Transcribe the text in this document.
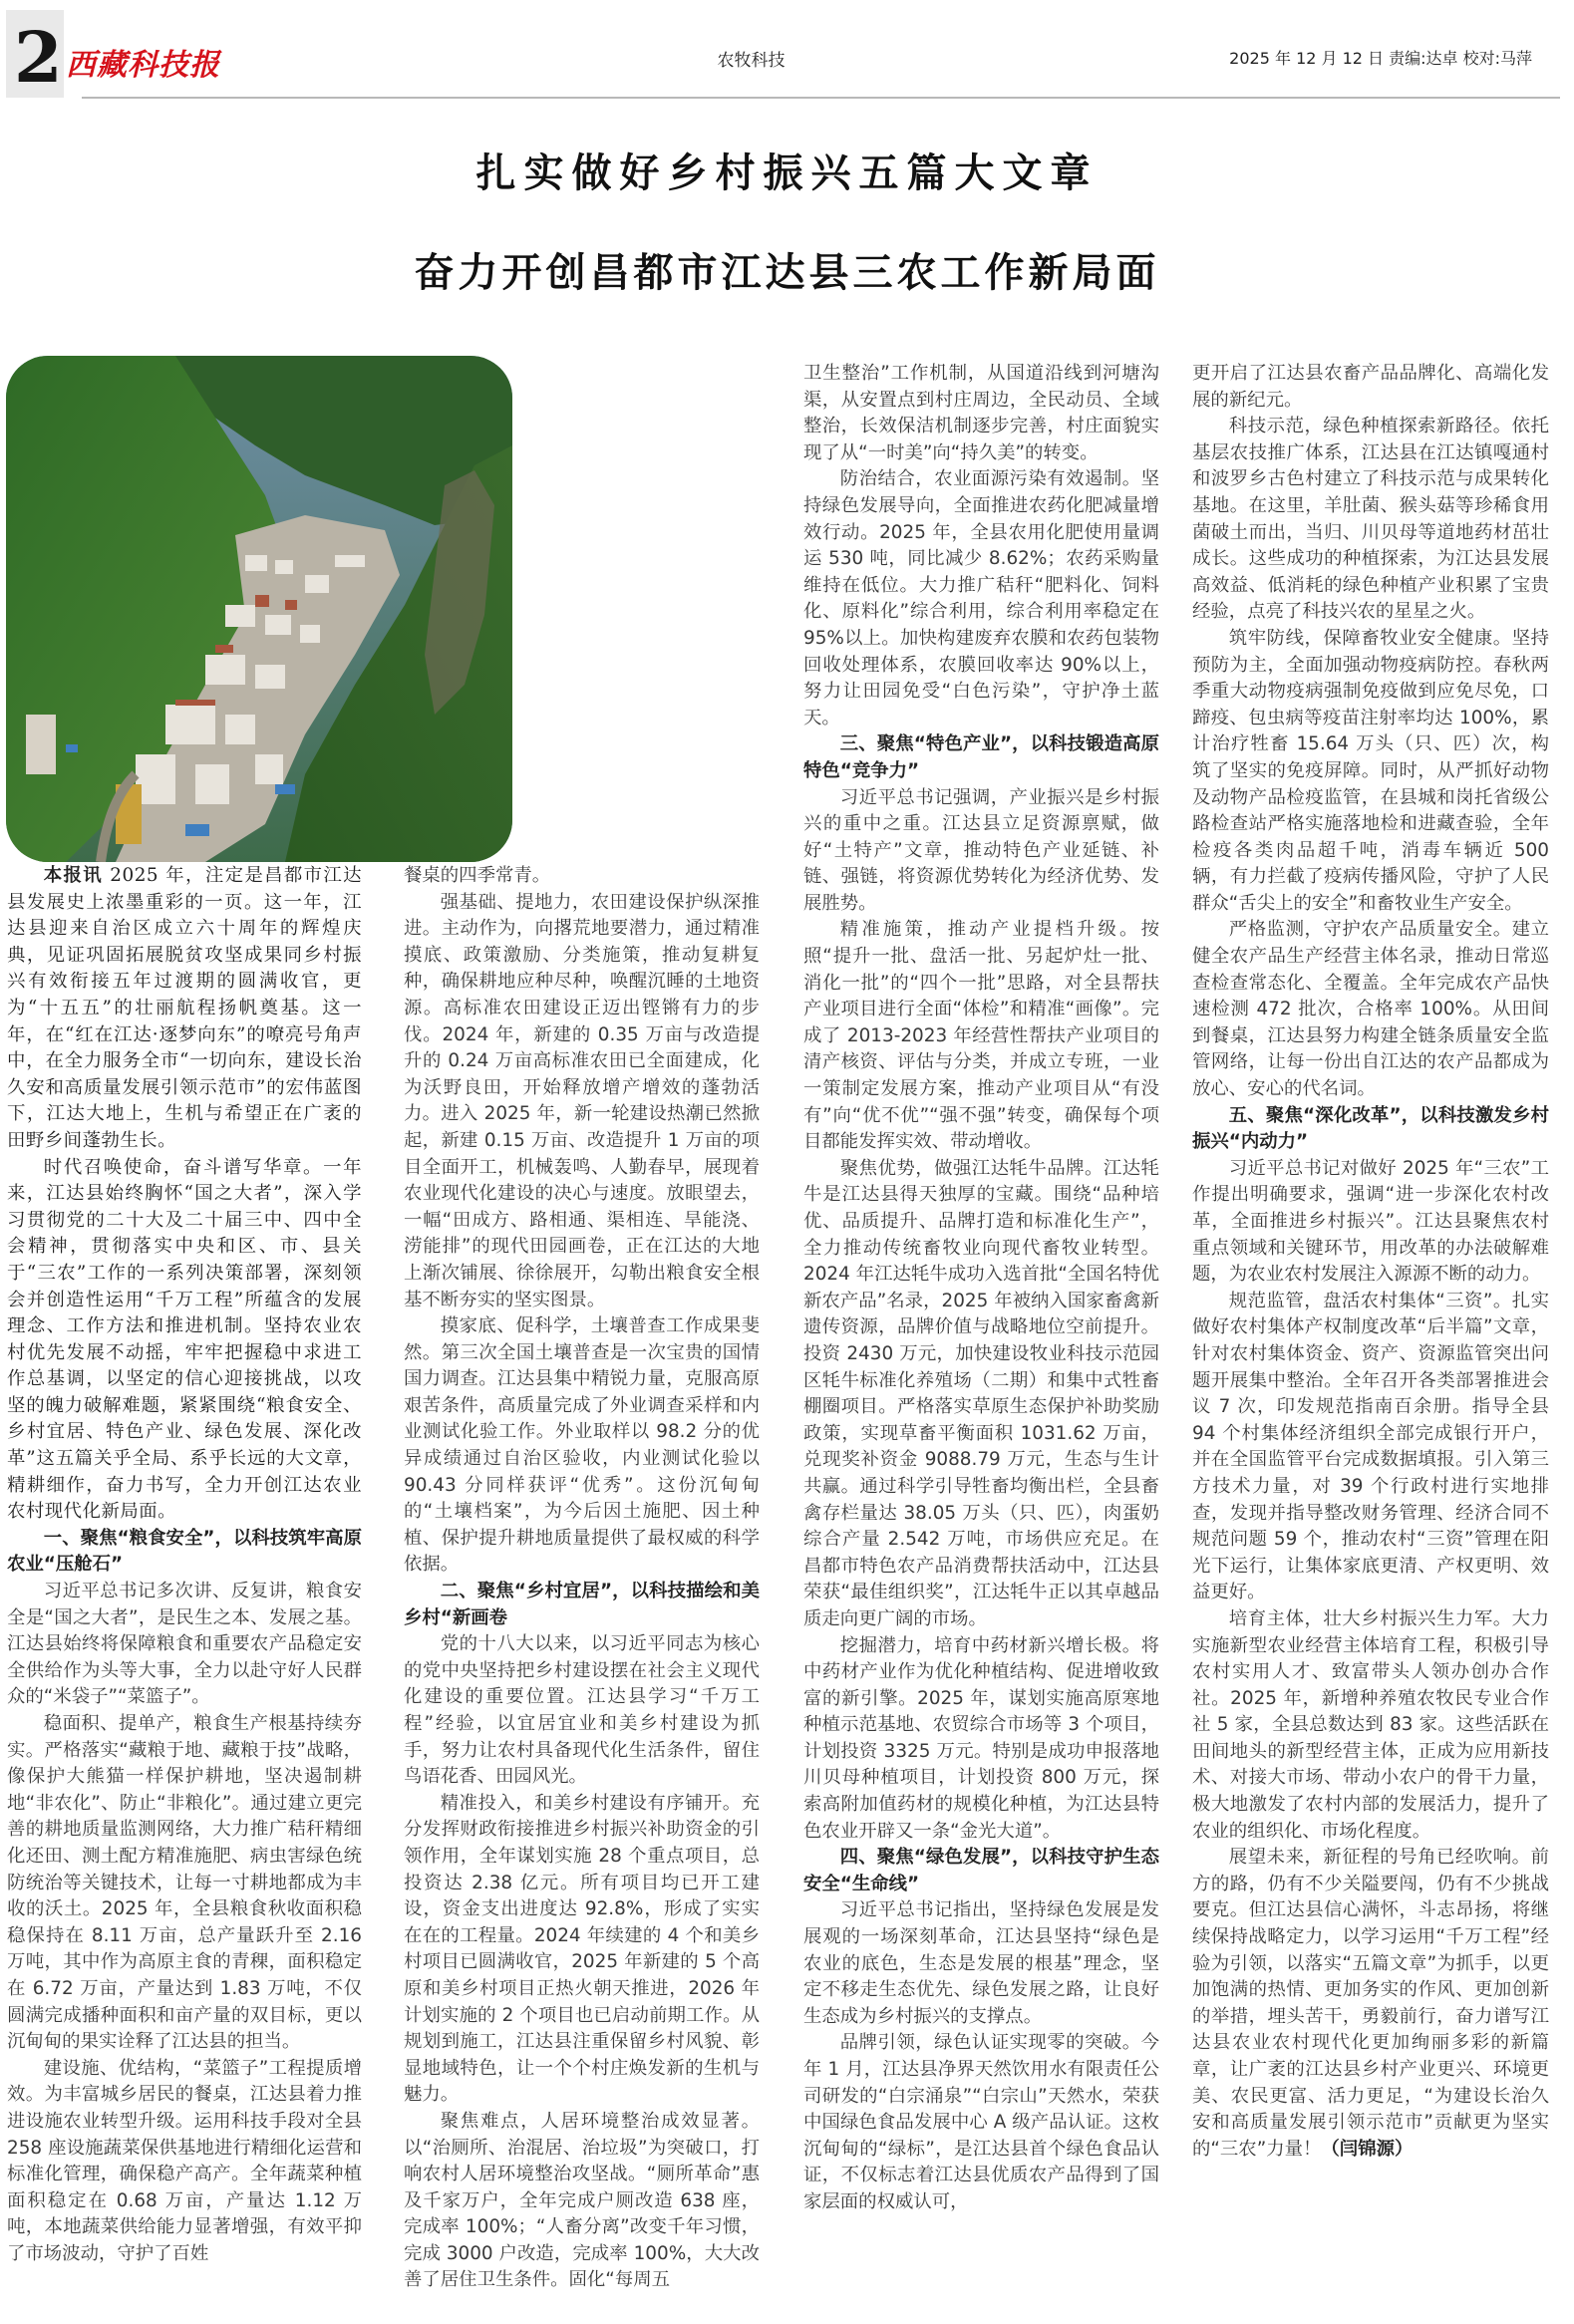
2 西藏科技报	农牧科技	2025 年 12 月 12 日 责编:达卓 校对:马萍
扎实做好乡村振兴五篇大文章
奋力开创昌都市江达县三农工作新局面

本报讯 2025 年，注定是昌都市江达县发展史上浓墨重彩的一页。这一年，江达县迎来自治区成立六十周年的辉煌庆典，见证巩固拓展脱贫攻坚成果同乡村振兴有效衔接五年过渡期的圆满收官，更为“十五五”的壮丽航程扬帆奠基。这一年，在“红在江达·逐梦向东”的嘹亮号角声中，在全力服务全市“一切向东，建设长治久安和高质量发展引领示范市”的宏伟蓝图下，江达大地上，生机与希望正在广袤的田野乡间蓬勃生长。

时代召唤使命，奋斗谱写华章。一年来，江达县始终胸怀“国之大者”，深入学习贯彻党的二十大及二十届三中、四中全会精神，贯彻落实中央和区、市、县关于“三农”工作的一系列决策部署，深刻领会并创造性运用“千万工程”所蕴含的发展理念、工作方法和推进机制。坚持农业农村优先发展不动摇，牢牢把握稳中求进工作总基调，以坚定的信心迎接挑战，以攻坚的魄力破解难题，紧紧围绕“粮食安全、乡村宜居、特色产业、绿色发展、深化改革”这五篇关乎全局、系乎长远的大文章，精耕细作，奋力书写，全力开创江达农业农村现代化新局面。

一、聚焦“粮食安全”，以科技筑牢高原农业“压舱石”

习近平总书记多次讲、反复讲，粮食安全是“国之大者”，是民生之本、发展之基。江达县始终将保障粮食和重要农产品稳定安全供给作为头等大事，全力以赴守好人民群众的“米袋子”“菜篮子”。

稳面积、提单产，粮食生产根基持续夯实。严格落实“藏粮于地、藏粮于技”战略，像保护大熊猫一样保护耕地，坚决遏制耕地“非农化”、防止“非粮化”。通过建立更完善的耕地质量监测网络，大力推广秸秆精细化还田、测土配方精准施肥、病虫害绿色统防统治等关键技术，让每一寸耕地都成为丰收的沃土。2025 年，全县粮食秋收面积稳稳保持在 8.11 万亩，总产量跃升至 2.16 万吨，其中作为高原主食的青稞，面积稳定在 6.72 万亩，产量达到 1.83 万吨，不仅圆满完成播种面积和亩产量的双目标，更以沉甸甸的果实诠释了江达县的担当。

建设施、优结构，“菜篮子”工程提质增效。为丰富城乡居民的餐桌，江达县着力推进设施农业转型升级。运用科技手段对全县 258 座设施蔬菜保供基地进行精细化运营和标准化管理，确保稳产高产。全年蔬菜种植面积稳定在 0.68 万亩，产量达 1.12 万吨，本地蔬菜供给能力显著增强，有效平抑了市场波动，守护了百姓

餐桌的四季常青。

强基础、提地力，农田建设保护纵深推进。主动作为，向撂荒地要潜力，通过精准摸底、政策激励、分类施策，推动复耕复种，确保耕地应种尽种，唤醒沉睡的土地资源。高标准农田建设正迈出铿锵有力的步伐。2024 年，新建的 0.35 万亩与改造提升的 0.24 万亩高标准农田已全面建成，化为沃野良田，开始释放增产增效的蓬勃活力。进入 2025 年，新一轮建设热潮已然掀起，新建 0.15 万亩、改造提升 1 万亩的项目全面开工，机械轰鸣、人勤春早，展现着农业现代化建设的决心与速度。放眼望去，一幅“田成方、路相通、渠相连、旱能浇、涝能排”的现代田园画卷，正在江达的大地上渐次铺展、徐徐展开，勾勒出粮食安全根基不断夯实的坚实图景。

摸家底、促科学，土壤普查工作成果斐然。第三次全国土壤普查是一次宝贵的国情国力调查。江达县集中精锐力量，克服高原艰苦条件，高质量完成了外业调查采样和内业测试化验工作。外业取样以 98.2 分的优异成绩通过自治区验收，内业测试化验以 90.43 分同样获评“优秀”。这份沉甸甸的“土壤档案”，为今后因土施肥、因土种植、保护提升耕地质量提供了最权威的科学依据。

二、聚焦“乡村宜居”，以科技描绘和美乡村“新画卷

党的十八大以来，以习近平同志为核心的党中央坚持把乡村建设摆在社会主义现代化建设的重要位置。江达县学习“千万工程”经验，以宜居宜业和美乡村建设为抓手，努力让农村具备现代化生活条件，留住鸟语花香、田园风光。

精准投入，和美乡村建设有序铺开。充分发挥财政衔接推进乡村振兴补助资金的引领作用，全年谋划实施 28 个重点项目，总投资达 2.38 亿元。所有项目均已开工建设，资金支出进度达 92.8%，形成了实实在在的工程量。2024 年续建的 4 个和美乡村项目已圆满收官，2025 年新建的 5 个高原和美乡村项目正热火朝天推进，2026 年计划实施的 2 个项目也已启动前期工作。从规划到施工，江达县注重保留乡村风貌、彰显地域特色，让一个个村庄焕发新的生机与魅力。

聚焦难点，人居环境整治成效显著。以“治厕所、治混居、治垃圾”为突破口，打响农村人居环境整治攻坚战。“厕所革命”惠及千家万户，全年完成户厕改造 638 座，完成率 100%；“人畜分离”改变千年习惯，完成 3000 户改造，完成率 100%，大大改善了居住卫生条件。固化“每周五

卫生整治”工作机制，从国道沿线到河塘沟渠，从安置点到村庄周边，全民动员、全域整治，长效保洁机制逐步完善，村庄面貌实现了从“一时美”向“持久美”的转变。

防治结合，农业面源污染有效遏制。坚持绿色发展导向，全面推进农药化肥减量增效行动。2025 年，全县农用化肥使用量调运 530 吨，同比减少 8.62%；农药采购量维持在低位。大力推广秸秆“肥料化、饲料化、原料化”综合利用，综合利用率稳定在 95%以上。加快构建废弃农膜和农药包装物回收处理体系，农膜回收率达 90%以上，努力让田园免受“白色污染”，守护净土蓝天。

三、聚焦“特色产业”，以科技锻造高原特色“竞争力”

习近平总书记强调，产业振兴是乡村振兴的重中之重。江达县立足资源禀赋，做好“土特产”文章，推动特色产业延链、补链、强链，将资源优势转化为经济优势、发展胜势。

精准施策，推动产业提档升级。按照“提升一批、盘活一批、另起炉灶一批、消化一批”的“四个一批”思路，对全县帮扶产业项目进行全面“体检”和精准“画像”。完成了 2013-2023 年经营性帮扶产业项目的清产核资、评估与分类，并成立专班，一业一策制定发展方案，推动产业项目从“有没有”向“优不优”“强不强”转变，确保每个项目都能发挥实效、带动增收。

聚焦优势，做强江达牦牛品牌。江达牦牛是江达县得天独厚的宝藏。围绕“品种培优、品质提升、品牌打造和标准化生产”，全力推动传统畜牧业向现代畜牧业转型。2024 年江达牦牛成功入选首批“全国名特优新农产品”名录，2025 年被纳入国家畜禽新遗传资源，品牌价值与战略地位空前提升。投资 2430 万元，加快建设牧业科技示范园区牦牛标准化养殖场（二期）和集中式牲畜棚圈项目。严格落实草原生态保护补助奖励政策，实现草畜平衡面积 1031.62 万亩，兑现奖补资金 9088.79 万元，生态与生计共赢。通过科学引导牲畜均衡出栏，全县畜禽存栏量达 38.05 万头（只、匹），肉蛋奶综合产量 2.542 万吨，市场供应充足。在昌都市特色农产品消费帮扶活动中，江达县荣获“最佳组织奖”，江达牦牛正以其卓越品质走向更广阔的市场。

挖掘潜力，培育中药材新兴增长极。将中药材产业作为优化种植结构、促进增收致富的新引擎。2025 年，谋划实施高原寒地种植示范基地、农贸综合市场等 3 个项目，计划投资 3325 万元。特别是成功申报落地川贝母种植项目，计划投资 800 万元，探索高附加值药材的规模化种植，为江达县特色农业开辟又一条“金光大道”。

四、聚焦“绿色发展”，以科技守护生态安全“生命线”

习近平总书记指出，坚持绿色发展是发展观的一场深刻革命，江达县坚持“绿色是农业的底色，生态是发展的根基”理念，坚定不移走生态优先、绿色发展之路，让良好生态成为乡村振兴的支撑点。

品牌引领，绿色认证实现零的突破。今年 1 月，江达县净界天然饮用水有限责任公司研发的“白宗涌泉”“白宗山”天然水，荣获中国绿色食品发展中心 A 级产品认证。这枚沉甸甸的“绿标”，是江达县首个绿色食品认证，不仅标志着江达县优质农产品得到了国家层面的权威认可，

更开启了江达县农畜产品品牌化、高端化发展的新纪元。

科技示范，绿色种植探索新路径。依托基层农技推广体系，江达县在江达镇嘎通村和波罗乡古色村建立了科技示范与成果转化基地。在这里，羊肚菌、猴头菇等珍稀食用菌破土而出，当归、川贝母等道地药材茁壮成长。这些成功的种植探索，为江达县发展高效益、低消耗的绿色种植产业积累了宝贵经验，点亮了科技兴农的星星之火。

筑牢防线，保障畜牧业安全健康。坚持预防为主，全面加强动物疫病防控。春秋两季重大动物疫病强制免疫做到应免尽免，口蹄疫、包虫病等疫苗注射率均达 100%，累计治疗牲畜 15.64 万头（只、匹）次，构筑了坚实的免疫屏障。同时，从严抓好动物及动物产品检疫监管，在县城和岗托省级公路检查站严格实施落地检和进藏查验，全年检疫各类肉品超千吨，消毒车辆近 500 辆，有力拦截了疫病传播风险，守护了人民群众“舌尖上的安全”和畜牧业生产安全。

严格监测，守护农产品质量安全。建立健全农产品生产经营主体名录，推动日常巡查检查常态化、全覆盖。全年完成农产品快速检测 472 批次，合格率 100%。从田间到餐桌，江达县努力构建全链条质量安全监管网络，让每一份出自江达的农产品都成为放心、安心的代名词。

五、聚焦“深化改革”，以科技激发乡村振兴“内动力”

习近平总书记对做好 2025 年“三农”工作提出明确要求，强调“进一步深化农村改革，全面推进乡村振兴”。江达县聚焦农村重点领域和关键环节，用改革的办法破解难题，为农业农村发展注入源源不断的动力。

规范监管，盘活农村集体“三资”。扎实做好农村集体产权制度改革“后半篇”文章，针对农村集体资金、资产、资源监管突出问题开展集中整治。全年召开各类部署推进会议 7 次，印发规范指南百余册。指导全县 94 个村集体经济组织全部完成银行开户，并在全国监管平台完成数据填报。引入第三方技术力量，对 39 个行政村进行实地排查，发现并指导整改财务管理、经济合同不规范问题 59 个，推动农村“三资”管理在阳光下运行，让集体家底更清、产权更明、效益更好。

培育主体，壮大乡村振兴生力军。大力实施新型农业经营主体培育工程，积极引导农村实用人才、致富带头人领办创办合作社。2025 年，新增种养殖农牧民专业合作社 5 家，全县总数达到 83 家。这些活跃在田间地头的新型经营主体，正成为应用新技术、对接大市场、带动小农户的骨干力量，极大地激发了农村内部的发展活力，提升了农业的组织化、市场化程度。

展望未来，新征程的号角已经吹响。前方的路，仍有不少关隘要闯，仍有不少挑战要克。但江达县信心满怀，斗志昂扬，将继续保持战略定力，以学习运用“千万工程”经验为引领，以落实“五篇文章”为抓手，以更加饱满的热情、更加务实的作风、更加创新的举措，埋头苦干，勇毅前行，奋力谱写江达县农业农村现代化更加绚丽多彩的新篇章，让广袤的江达县乡村产业更兴、环境更美、农民更富、活力更足，“为建设长治久安和高质量发展引领示范市”贡献更为坚实的“三农”力量！（闫锦源）
